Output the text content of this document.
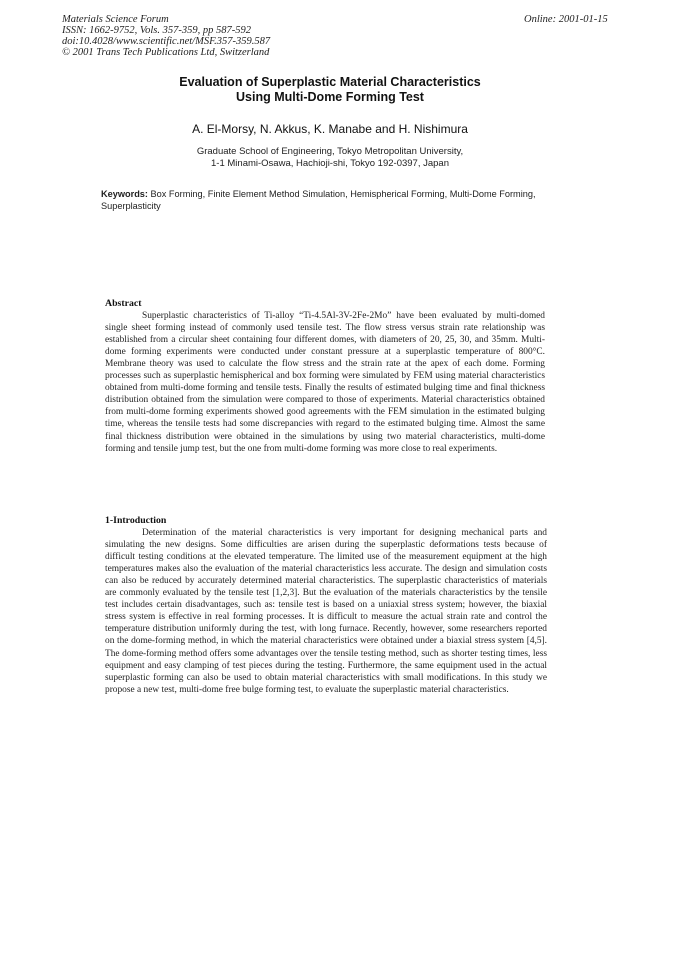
Materials Science Forum
ISSN: 1662-9752, Vols. 357-359, pp 587-592
doi:10.4028/www.scientific.net/MSF.357-359.587
© 2001 Trans Tech Publications Ltd, Switzerland
Online: 2001-01-15
Evaluation of Superplastic Material Characteristics
Using Multi-Dome Forming Test
A. El-Morsy, N. Akkus, K. Manabe and H. Nishimura
Graduate School of Engineering, Tokyo Metropolitan University,
1-1 Minami-Osawa, Hachioji-shi, Tokyo 192-0397, Japan
Keywords: Box Forming, Finite Element Method Simulation, Hemispherical Forming, Multi-Dome Forming, Superplasticity
Abstract

Superplastic characteristics of Ti-alloy “Ti-4.5Al-3V-2Fe-2Mo” have been evaluated by multi-domed single sheet forming instead of commonly used tensile test. The flow stress versus strain rate relationship was established from a circular sheet containing four different domes, with diameters of 20, 25, 30, and 35mm. Multi-dome forming experiments were conducted under constant pressure at a superplastic temperature of 800°C. Membrane theory was used to calculate the flow stress and the strain rate at the apex of each dome. Forming processes such as superplastic hemispherical and box forming were simulated by FEM using material characteristics obtained from multi-dome forming and tensile tests. Finally the results of estimated bulging time and final thickness distribution obtained from the simulation were compared to those of experiments. Material characteristics obtained from multi-dome forming experiments showed good agreements with the FEM simulation in the estimated bulging time, whereas the tensile tests had some discrepancies with regard to the estimated bulging time. Almost the same final thickness distribution were obtained in the simulations by using two material characteristics, multi-dome forming and tensile jump test, but the one from multi-dome forming was more close to real experiments.

1-Introduction

Determination of the material characteristics is very important for designing mechanical parts and simulating the new designs. Some difficulties are arisen during the superplastic deformations tests because of difficult testing conditions at the elevated temperature. The limited use of the measurement equipment at the high temperatures makes also the evaluation of the material characteristics less accurate. The design and simulation costs can also be reduced by accurately determined material characteristics. The superplastic characteristics of materials are commonly evaluated by the tensile test [1,2,3]. But the evaluation of the materials characteristics by the tensile test includes certain disadvantages, such as: tensile test is based on a uniaxial stress system; however, the biaxial stress system is effective in real forming processes. It is difficult to measure the actual strain rate and control the temperature distribution uniformly during the test, with long furnace. Recently, however, some researchers reported on the dome-forming method, in which the material characteristics were obtained under a biaxial stress system [4,5]. The dome-forming method offers some advantages over the tensile testing method, such as shorter testing times, less equipment and easy clamping of test pieces during the testing. Furthermore, the same equipment used in the actual superplastic forming can also be used to obtain material characteristics with small modifications. In this study we propose a new test, multi-dome free bulge forming test, to evaluate the superplastic material characteristics.
